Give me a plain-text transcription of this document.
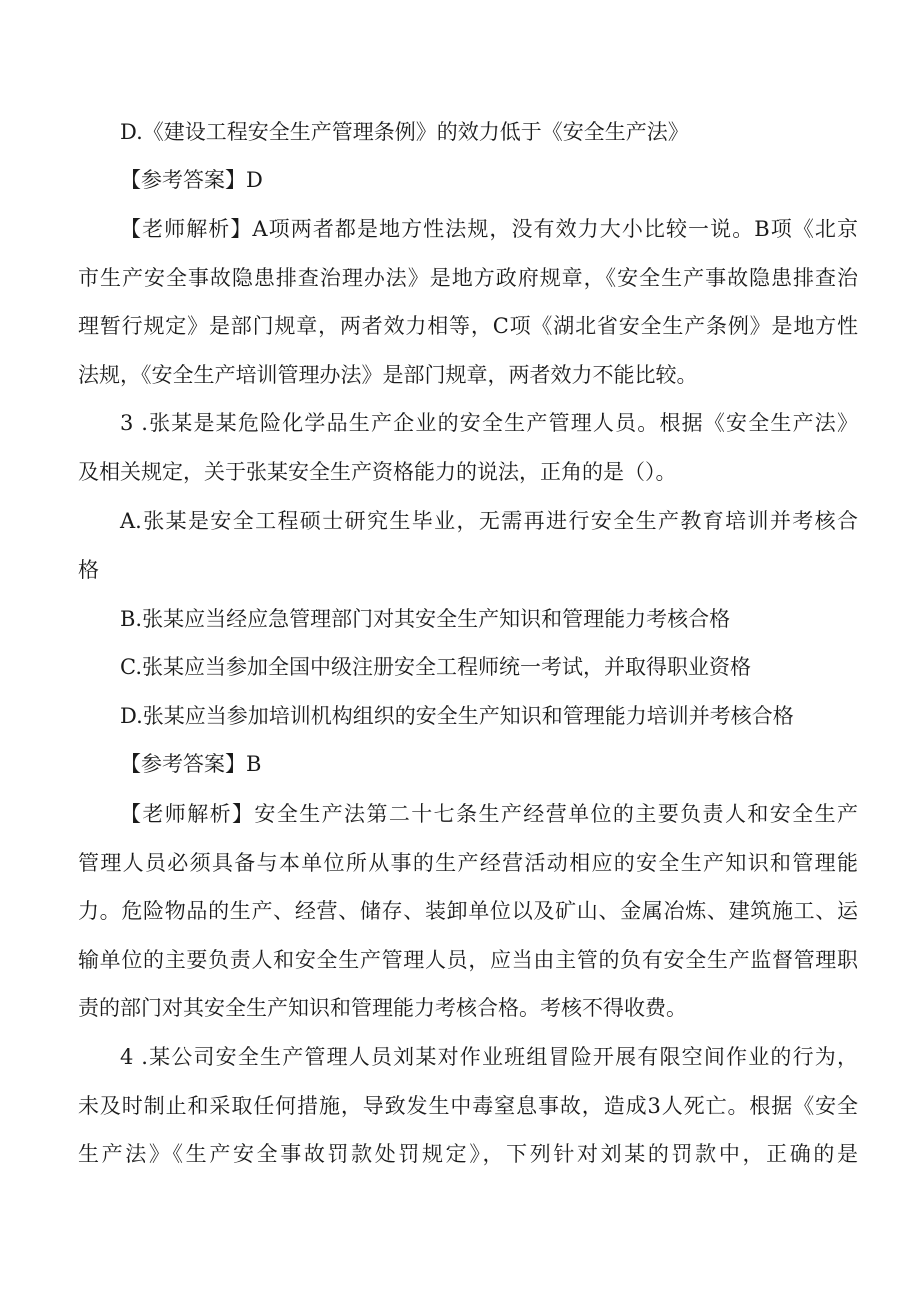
D.《建设工程安全生产管理条例》的效力低于《安全生产法》

【参考答案】D

【老师解析】A项两者都是地方性法规，没有效力大小比较一说。B项《北京
市生产安全事故隐患排查治理办法》是地方政府规章，《安全生产事故隐患排查治
理暂行规定》是部门规章，两者效力相等，C项《湖北省安全生产条例》是地方性
法规，《安全生产培训管理办法》是部门规章，两者效力不能比较。
3 .张某是某危险化学品生产企业的安全生产管理人员。根据《安全生产法》
及相关规定，关于张某安全生产资格能力的说法，正角的是（）。
A.张某是安全工程硕士研究生毕业，无需再进行安全生产教育培训并考核合
格

B.张某应当经应急管理部门对其安全生产知识和管理能力考核合格

C.张某应当参加全国中级注册安全工程师统一考试，并取得职业资格

D.张某应当参加培训机构组织的安全生产知识和管理能力培训并考核合格

【参考答案】B

【老师解析】安全生产法第二十七条生产经营单位的主要负责人和安全生产
管理人员必须具备与本单位所从事的生产经营活动相应的安全生产知识和管理能
力。危险物品的生产、经营、储存、装卸单位以及矿山、金属冶炼、建筑施工、运
输单位的主要负责人和安全生产管理人员，应当由主管的负有安全生产监督管理职
责的部门对其安全生产知识和管理能力考核合格。考核不得收费。
4 .某公司安全生产管理人员刘某对作业班组冒险开展有限空间作业的行为，
未及时制止和采取任何措施，导致发生中毒窒息事故，造成3人死亡。根据《安全
生产法》《生产安全事故罚款处罚规定》，下列针对刘某的罚款中，正确的是
